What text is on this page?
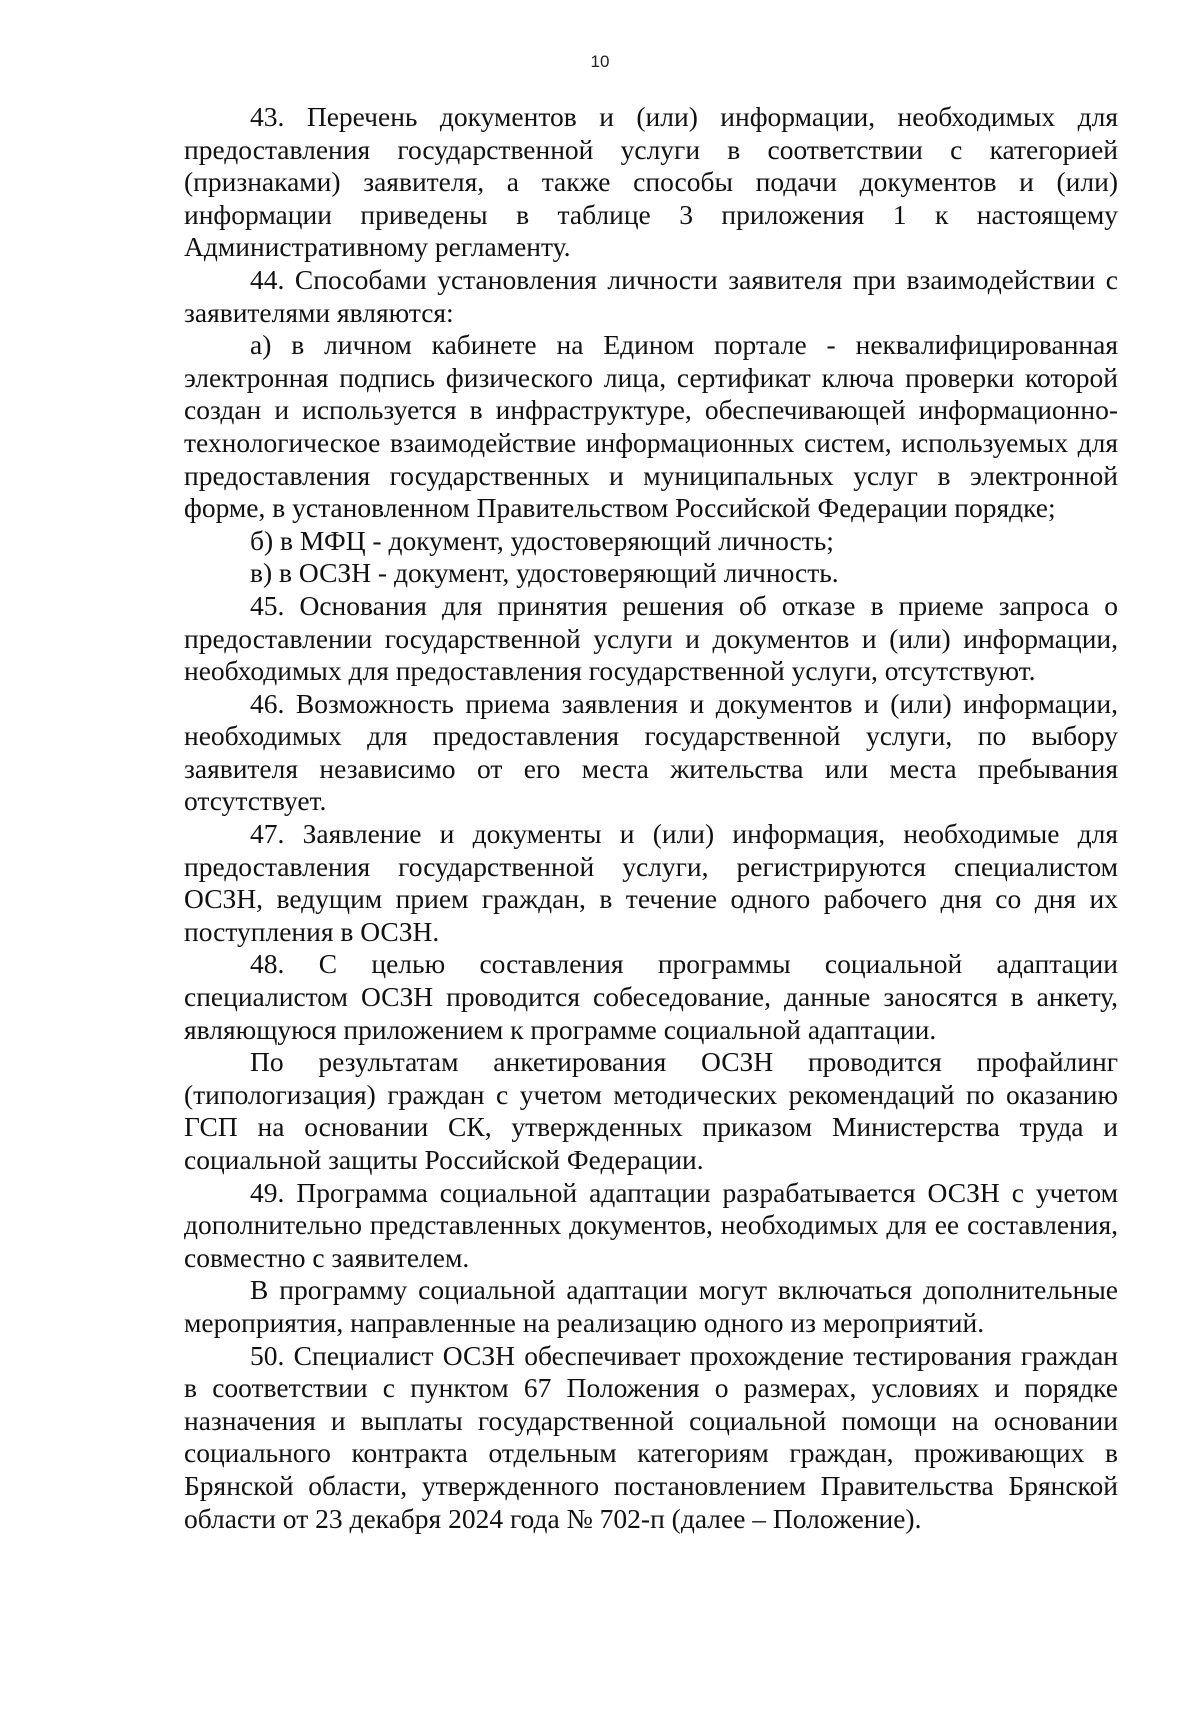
10

43. Перечень документов и (или) информации, необходимых для предоставления государственной услуги в соответствии с категорией (признаками) заявителя, а также способы подачи документов и (или) информации приведены в таблице 3 приложения 1 к настоящему Административному регламенту.

44. Способами установления личности заявителя при взаимодействии с заявителями являются:

а) в личном кабинете на Едином портале - неквалифицированная электронная подпись физического лица, сертификат ключа проверки которой создан и используется в инфраструктуре, обеспечивающей информационно-технологическое взаимодействие информационных систем, используемых для предоставления государственных и муниципальных услуг в электронной форме, в установленном Правительством Российской Федерации порядке;

б) в МФЦ - документ, удостоверяющий личность;

в) в ОСЗН - документ, удостоверяющий личность.

45. Основания для принятия решения об отказе в приеме запроса о предоставлении государственной услуги и документов и (или) информации, необходимых для предоставления государственной услуги, отсутствуют.

46. Возможность приема заявления и документов и (или) информации, необходимых для предоставления государственной услуги, по выбору заявителя независимо от его места жительства или места пребывания отсутствует.

47. Заявление и документы и (или) информация, необходимые для предоставления государственной услуги, регистрируются специалистом ОСЗН, ведущим прием граждан, в течение одного рабочего дня со дня их поступления в ОСЗН.

48. С целью составления программы социальной адаптации специалистом ОСЗН проводится собеседование, данные заносятся в анкету, являющуюся приложением к программе социальной адаптации.

По результатам анкетирования ОСЗН проводится профайлинг (типологизация) граждан с учетом методических рекомендаций по оказанию ГСП на основании СК, утвержденных приказом Министерства труда и социальной защиты Российской Федерации.

49. Программа социальной адаптации разрабатывается ОСЗН с учетом дополнительно представленных документов, необходимых для ее составления, совместно с заявителем.

В программу социальной адаптации могут включаться дополнительные мероприятия, направленные на реализацию одного из мероприятий.

50. Специалист ОСЗН обеспечивает прохождение тестирования граждан в соответствии с пунктом 67 Положения о размерах, условиях и порядке назначения и выплаты государственной социальной помощи на основании социального контракта отдельным категориям граждан, проживающих в Брянской области, утвержденного постановлением Правительства Брянской области от 23 декабря 2024 года № 702-п (далее – Положение).
